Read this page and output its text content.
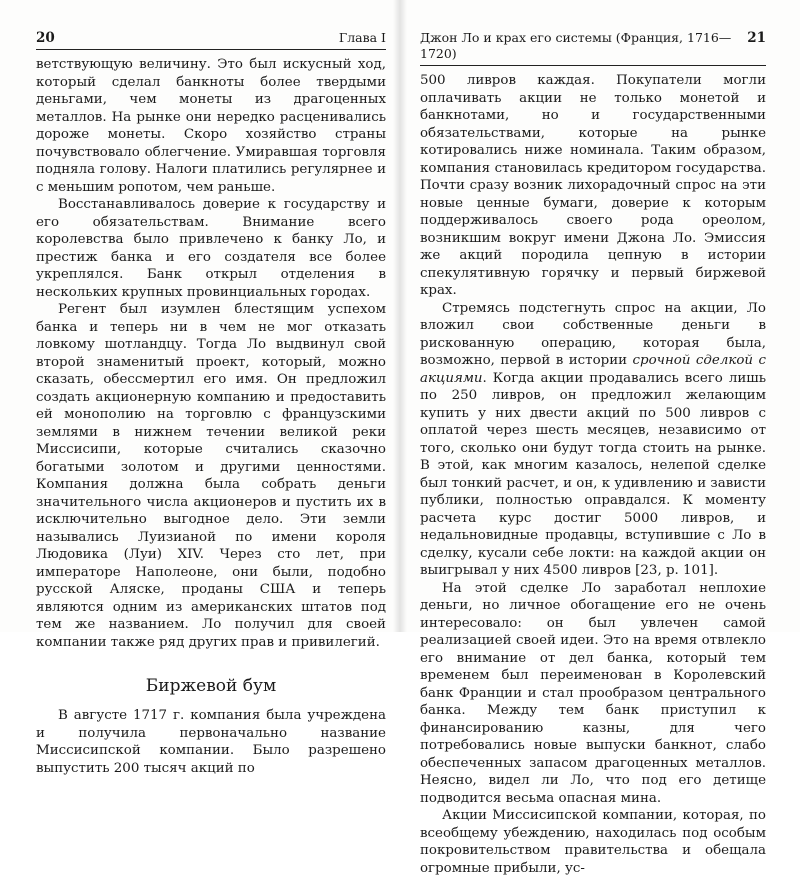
20	Глава I

ветствующую величину. Это был искусный ход, который сделал банкноты более твердыми деньгами, чем монеты из драгоценных металлов. На рынке они нередко расценивались дороже монеты. Скоро хозяйство страны почувствовало облегчение. Умиравшая торговля подняла голову. Налоги платились регулярнее и с меньшим ропотом, чем раньше.

Восстанавливалось доверие к государству и его обязательствам. Внимание всего королевства было привлечено к банку Ло, и престиж банка и его создателя все более укреплялся. Банк открыл отделения в нескольких крупных провинциальных городах.

Регент был изумлен блестящим успехом банка и теперь ни в чем не мог отказать ловкому шотландцу. Тогда Ло выдвинул свой второй знаменитый проект, который, можно сказать, обессмертил его имя. Он предложил создать акционерную компанию и предоставить ей монополию на торговлю с французскими землями в нижнем течении великой реки Миссисипи, которые считались сказочно богатыми золотом и другими ценностями. Компания должна была собрать деньги значительного числа акционеров и пустить их в исключительно выгодное дело. Эти земли назывались Луизианой по имени короля Людовика (Луи) XIV. Через сто лет, при императоре Наполеоне, они были, подобно русской Аляске, проданы США и теперь являются одним из американских штатов под тем же названием. Ло получил для своей компании также ряд других прав и привилегий.

Биржевой бум

В августе 1717 г. компания была учреждена и получила первоначально название Миссисипской компании. Было разрешено выпустить 200 тысяч акций по

Джон Ло и крах его системы (Франция, 1716—1720)
21

500 ливров каждая. Покупатели могли оплачивать акции не только монетой и банкнотами, но и государственными обязательствами, которые на рынке котировались ниже номинала. Таким образом, компания становилась кредитором государства. Почти сразу возник лихорадочный спрос на эти новые ценные бумаги, доверие к которым поддерживалось своего рода ореолом, возникшим вокруг имени Джона Ло. Эмиссия же акций породила цепную в истории спекулятивную горячку и первый биржевой крах.

Стремясь подстегнуть спрос на акции, Ло вложил свои собственные деньги в рискованную операцию, которая была, возможно, первой в истории срочной сделкой с акциями. Когда акции продавались всего лишь по 250 ливров, он предложил желающим купить у них двести акций по 500 ливров с оплатой через шесть месяцев, независимо от того, сколько они будут тогда стоить на рынке. В этой, как многим казалось, нелепой сделке был тонкий расчет, и он, к удивлению и зависти публики, полностью оправдался. К моменту расчета курс достиг 5000 ливров, и недальновидные продавцы, вступившие с Ло в сделку, кусали себе локти: на каждой акции он выигрывал у них 4500 ливров [23, p. 101].

На этой сделке Ло заработал неплохие деньги, но личное обогащение его не очень интересовало: он был увлечен самой реализацией своей идеи. Это на время отвлекло его внимание от дел банка, который тем временем был переименован в Королевский банк Франции и стал прообразом центрального банка. Между тем банк приступил к финансированию казны, для чего потребовались новые выпуски банкнот, слабо обеспеченных запасом драгоценных металлов. Неясно, видел ли Ло, что под его детище подводится весьма опасная мина.

Акции Миссисипской компании, которая, по всеобщему убеждению, находилась под особым покровительством правительства и обещала огромные прибыли, ус-
